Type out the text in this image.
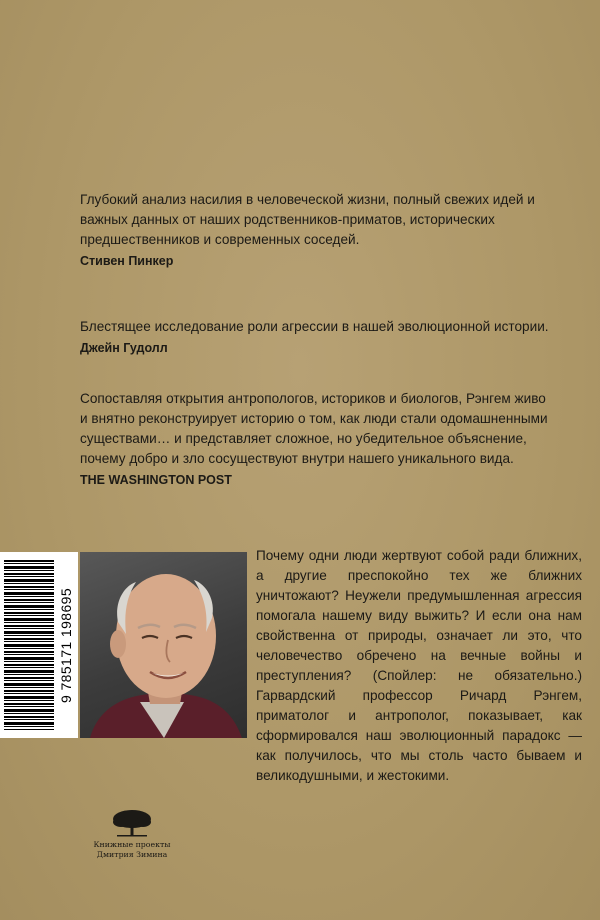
Глубокий анализ насилия в человеческой жизни, полный свежих идей и важных данных от наших родственников-приматов, исторических предшественников и современных соседей.

Стивен Пинкер

Блестящее исследование роли агрессии в нашей эволюционной истории.

Джейн Гудолл

Сопоставляя открытия антропологов, историков и биологов, Рэнгем живо и внятно реконструирует историю о том, как люди стали одомашненными существами… и представляет сложное, но убедительное объяснение, почему добро и зло сосуществуют внутри нашего уникального вида.

THE WASHINGTON POST

9 785171 198695

Почему одни люди жертвуют собой ради ближних, а другие преспокойно тех же ближних уничтожают? Неужели предумышленная агрессия помогала нашему виду выжить? И если она нам свойственна от природы, означает ли это, что человечество обречено на вечные войны и преступления? (Спойлер: не обязательно.) Гарвардский профессор Ричард Рэнгем, приматолог и антрополог, показывает, как сформировался наш эволюционный парадокс — как получилось, что мы столь часто бываем и великодушными, и жестокими.

Книжные проекты
Дмитрия Зимина
